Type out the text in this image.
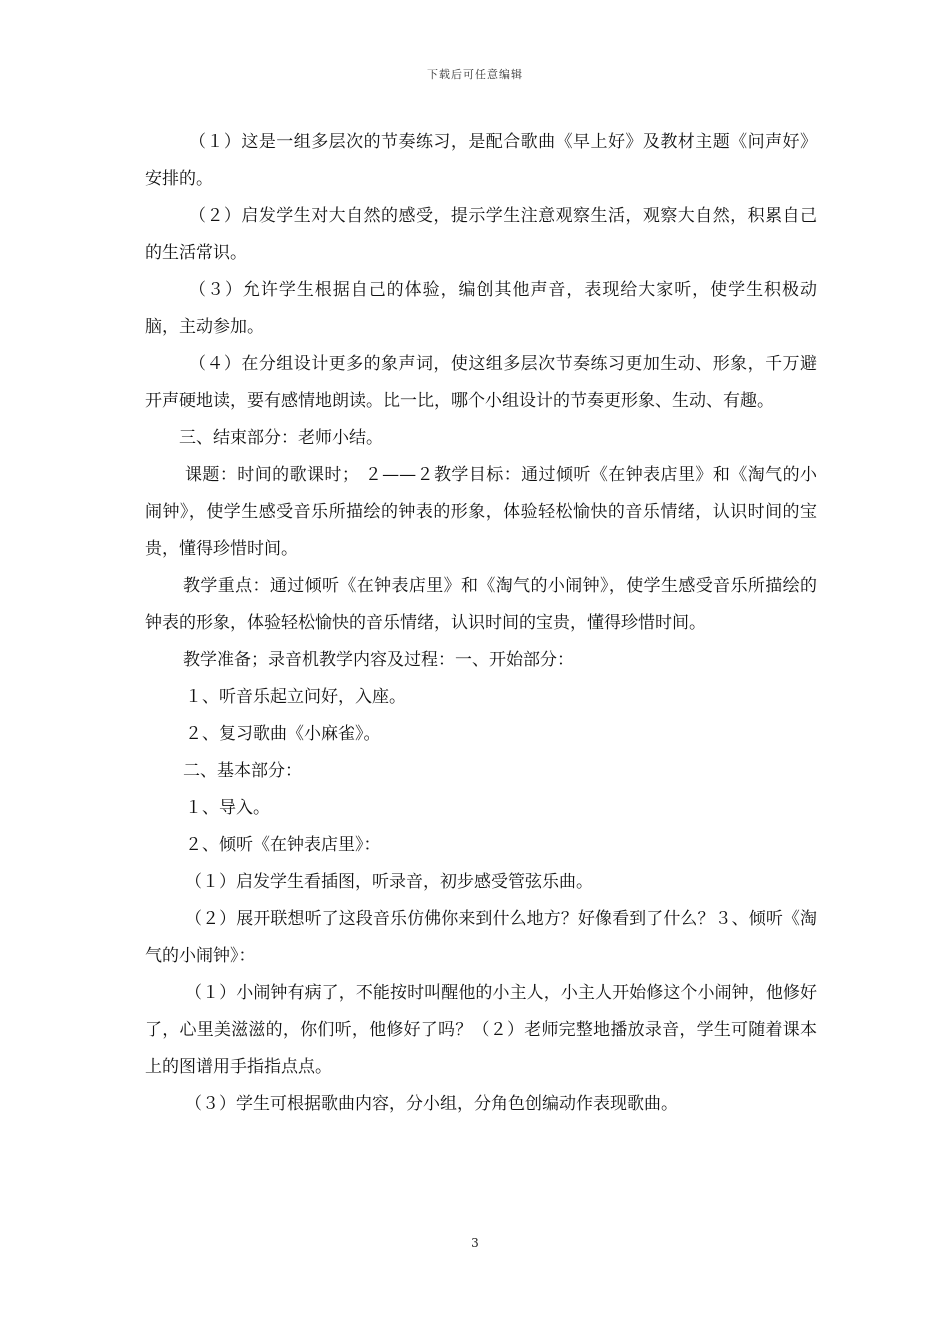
下载后可任意编辑

（１）这是一组多层次的节奏练习，是配合歌曲《早上好》及教材主题《问声好》安排的。

（２）启发学生对大自然的感受，提示学生注意观察生活，观察大自然，积累自己的生活常识。

（３）允许学生根据自己的体验，编创其他声音，表现给大家听，使学生积极动脑，主动参加。

（４）在分组设计更多的象声词，使这组多层次节奏练习更加生动、形象，千万避开声硬地读，要有感情地朗读。比一比，哪个小组设计的节奏更形象、生动、有趣。

三、结束部分：老师小结。

课题：时间的歌课时； ２——２教学目标：通过倾听《在钟表店里》和《淘气的小闹钟》，使学生感受音乐所描绘的钟表的形象，体验轻松愉快的音乐情绪，认识时间的宝贵，懂得珍惜时间。

教学重点：通过倾听《在钟表店里》和《淘气的小闹钟》，使学生感受音乐所描绘的钟表的形象，体验轻松愉快的音乐情绪，认识时间的宝贵，懂得珍惜时间。

教学准备；录音机教学内容及过程：一、开始部分：

１、听音乐起立问好，入座。

２、复习歌曲《小麻雀》。

二、基本部分：

１、导入。

２、倾听《在钟表店里》：

（１）启发学生看插图，听录音，初步感受管弦乐曲。

（２）展开联想听了这段音乐仿佛你来到什么地方？好像看到了什么？３、倾听《淘气的小闹钟》：

（１）小闹钟有病了，不能按时叫醒他的小主人，小主人开始修这个小闹钟，他修好了，心里美滋滋的，你们听，他修好了吗？（２）老师完整地播放录音，学生可随着课本上的图谱用手指指点点。

（３）学生可根据歌曲内容，分小组，分角色创编动作表现歌曲。

3
